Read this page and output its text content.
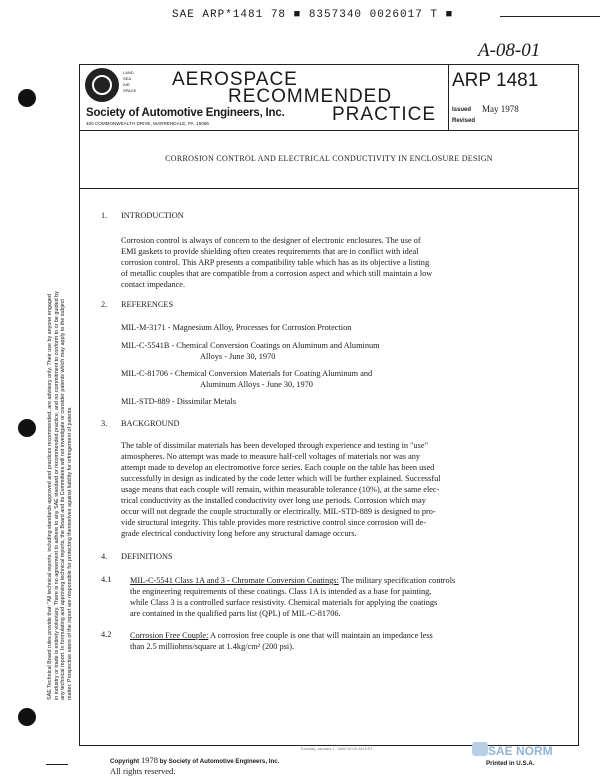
SAE ARP*1481 78 ■ 8357340 0026017 T ■
A-08-01
LAND
SEA
AIR
SPACE
AEROSPACE
RECOMMENDED
PRACTICE
Society of Automotive Engineers, Inc.
400 COMMONWEALTH DRIVE, WARRENDALE, PA. 15096
ARP 1481
Issued May 1978
Revised
CORROSION CONTROL AND ELECTRICAL CONDUCTIVITY IN ENCLOSURE DESIGN
SAE Technical Board rules provide that: "All technical reports, including standards approved and practices recommended, are advisory only. Their use by anyone engaged in industry or trade is entirely voluntary. There is no agreement to adhere to any SAE standard or recommended practice, and no commitment to conform to or be guided by any technical report. In formulating and approving technical reports, the Board and its Committees will not investigate or consider patents which may apply to the subject matter. Prospective users of the report are responsible for protecting themselves against liability for infringement of patents.
1. INTRODUCTION
Corrosion control is always of concern to the designer of electronic enclosures. The use of
EMI gaskets to provide shielding often creates requirements that are in conflict with ideal
corrosion control. This ARP presents a compatibility table which has as its objective a listing
of metallic couples that are compatible from a corrosion aspect and which still maintain a low
contact impedance.
2. REFERENCES
MIL-M-3171 - Magnesium Alloy, Processes for Corrosion Protection
MIL-C-5541B - Chemical Conversion Coatings on Aluminum and Aluminum
Alloys - June 30, 1970
MIL-C-81706 - Chemical Conversion Materials for Coating Aluminum and
Aluminum Alloys - June 30, 1970
MIL-STD-889 - Dissimilar Metals
3. BACKGROUND
The table of dissimilar materials has been developed through experience and testing in "use"
atmospheres. No attempt was made to measure half-cell voltages of materials nor was any
attempt made to develop an electromotive force series. Each couple on the table has been used
successfully in design as indicated by the code letter which will be further explained. Successful
usage means that each couple will remain, within measurable tolerance (10%), at the same elec-
trical conductivity as the installed conductivity over long use periods. Corrosion which may
occur will not degrade the couple structurally or electrically. MIL-STD-889 is designed to pro-
vide structural integrity. This table provides more restrictive control since corrosion will de-
grade electrical conductivity long before any structural damage occurs.
4. DEFINITIONS
4.1 MIL-C-5541 Class 1A and 3 - Chromate Conversion Coatings: The military specification controls
the engineering requirements of these coatings. Class 1A is intended as a base for painting,
while Class 3 is a controlled surface resistivity. Chemical materials for applying the coatings
are contained in the qualified parts list (QPL) of MIL-C-81706.
4.2 Corrosion Free Couple: A corrosion free couple is one that will maintain an impedance less
than 2.5 milliohms/square at 1.4kg/cm² (200 psi).
Tuesday, January 1, 1980 10:00 AM EST
Copyright 1978 by Society of Automotive Engineers, Inc.
All rights reserved.
Printed in U.S.A.
SAE NORM
